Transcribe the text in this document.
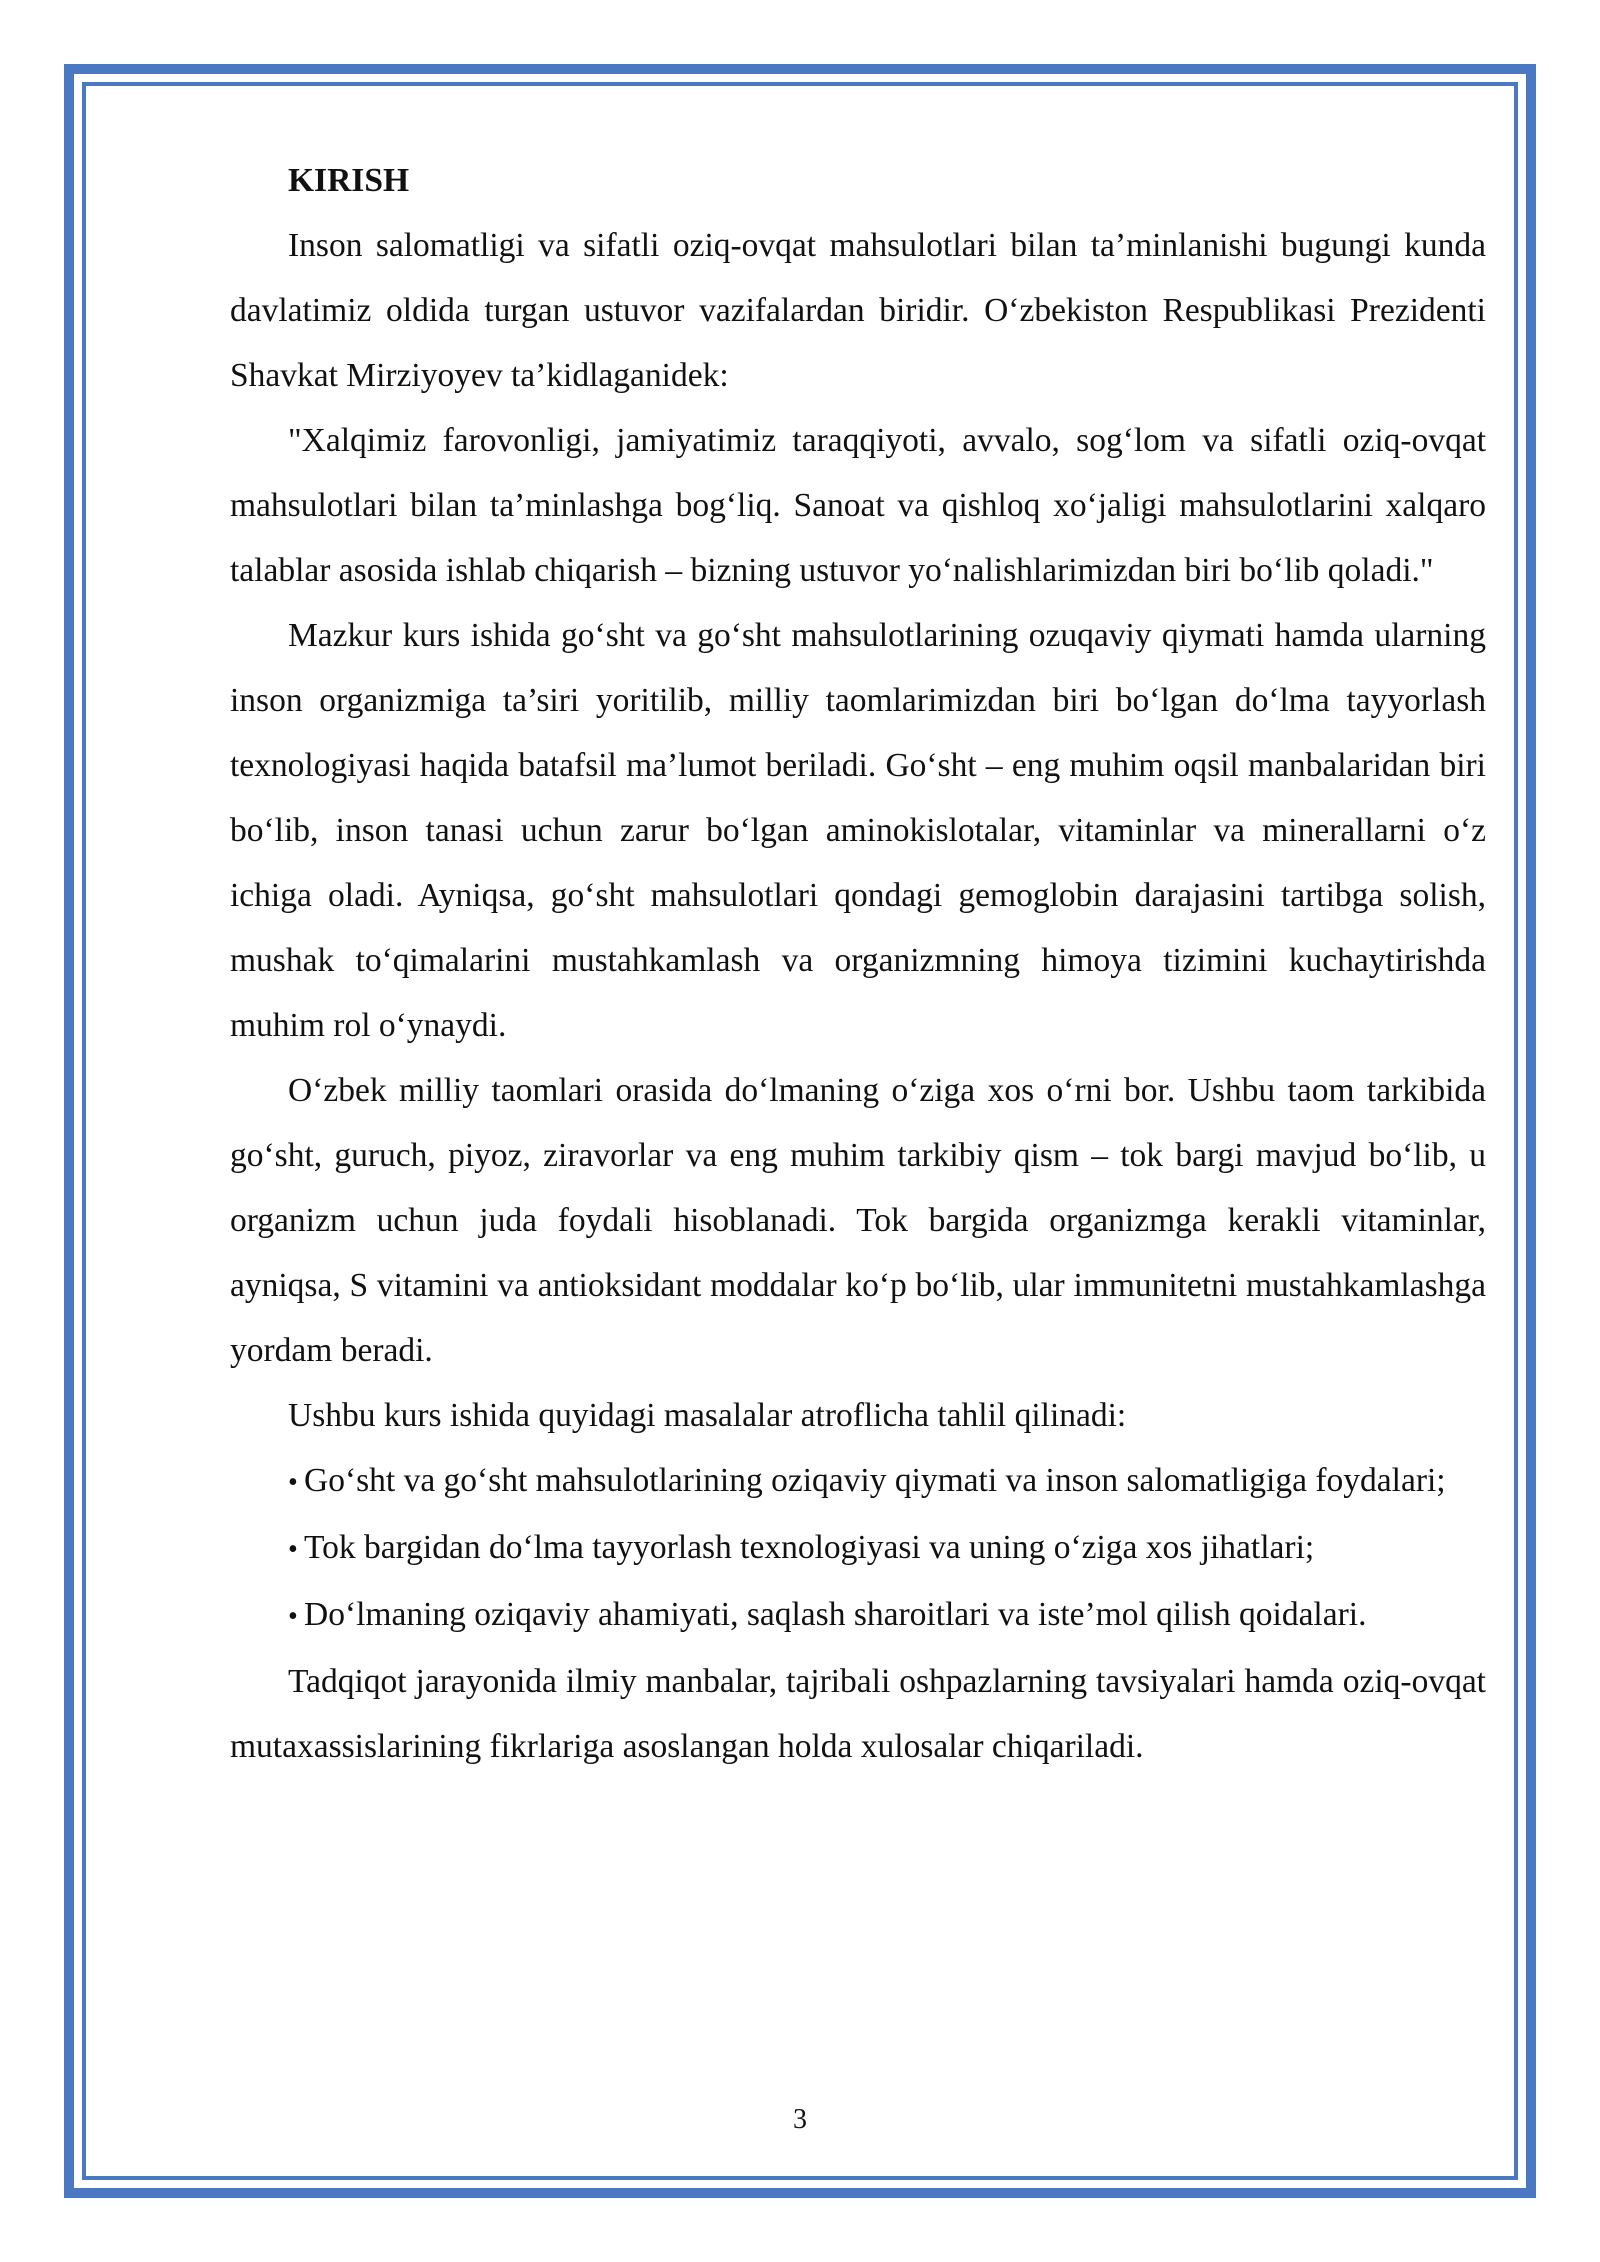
KIRISH

Inson salomatligi va sifatli oziq-ovqat mahsulotlari bilan ta’minlanishi bugungi kunda davlatimiz oldida turgan ustuvor vazifalardan biridir. O‘zbekiston Respublikasi Prezidenti Shavkat Mirziyoyev ta’kidlaganidek:

"Xalqimiz farovonligi, jamiyatimiz taraqqiyoti, avvalo, sog‘lom va sifatli oziq-ovqat mahsulotlari bilan ta’minlashga bog‘liq. Sanoat va qishloq xo‘jaligi mahsulotlarini xalqaro talablar asosida ishlab chiqarish – bizning ustuvor yo‘nalishlarimizdan biri bo‘lib qoladi."

Mazkur kurs ishida go‘sht va go‘sht mahsulotlarining ozuqaviy qiymati hamda ularning inson organizmiga ta’siri yoritilib, milliy taomlarimizdan biri bo‘lgan do‘lma tayyorlash texnologiyasi haqida batafsil ma’lumot beriladi. Go‘sht – eng muhim oqsil manbalaridan biri bo‘lib, inson tanasi uchun zarur bo‘lgan aminokislotalar, vitaminlar va minerallarni o‘z ichiga oladi. Ayniqsa, go‘sht mahsulotlari qondagi gemoglobin darajasini tartibga solish, mushak to‘qimalarini mustahkamlash va organizmning himoya tizimini kuchaytirishda muhim rol o‘ynaydi.

O‘zbek milliy taomlari orasida do‘lmaning o‘ziga xos o‘rni bor. Ushbu taom tarkibida go‘sht, guruch, piyoz, ziravorlar va eng muhim tarkibiy qism – tok bargi mavjud bo‘lib, u organizm uchun juda foydali hisoblanadi. Tok bargida organizmga kerakli vitaminlar, ayniqsa, S vitamini va antioksidant moddalar ko‘p bo‘lib, ular immunitetni mustahkamlashga yordam beradi.

Ushbu kurs ishida quyidagi masalalar atroflicha tahlil qilinadi:

• Go‘sht va go‘sht mahsulotlarining oziqaviy qiymati va inson salomatligiga foydalari;

• Tok bargidan do‘lma tayyorlash texnologiyasi va uning o‘ziga xos jihatlari;

• Do‘lmaning oziqaviy ahamiyati, saqlash sharoitlari va iste’mol qilish qoidalari.

Tadqiqot jarayonida ilmiy manbalar, tajribali oshpazlarning tavsiyalari hamda oziq-ovqat mutaxassislarining fikrlariga asoslangan holda xulosalar chiqariladi.

3
